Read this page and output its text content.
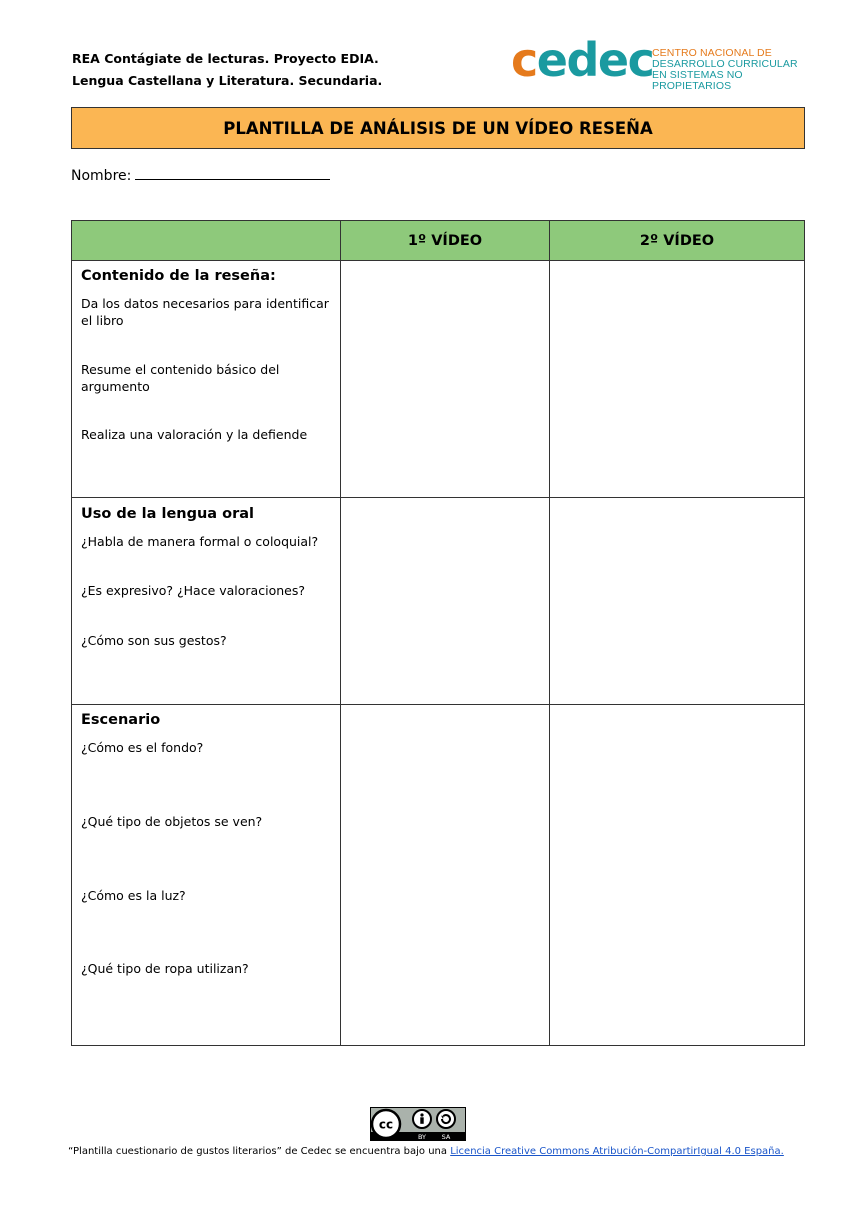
REA Contágiate de lecturas. Proyecto EDIA.
Lengua Castellana y Literatura. Secundaria.	cedec
CENTRO NACIONAL DE
DESARROLLO CURRICULAR
EN SISTEMAS NO PROPIETARIOS
PLANTILLA DE ANÁLISIS DE UN VÍDEO RESEÑA
Nombre:
	1º VÍDEO	2º VÍDEO

Contenido de la reseña:
Da los datos necesarios para identificar el libro
Resume el contenido básico del argumento
Realiza una valoración y la defiende		

Uso de la lengua oral
¿Habla de manera formal o coloquial?
¿Es expresivo? ¿Hace valoraciones?
¿Cómo son sus gestos?		

Escenario
¿Cómo es el fondo?
¿Qué tipo de objetos se ven?
¿Cómo es la luz?
¿Qué tipo de ropa utilizan?		

cc
BY SA
“Plantilla cuestionario de gustos literarios” de Cedec se encuentra bajo una Licencia Creative Commons Atribución-CompartirIgual 4.0 España.
